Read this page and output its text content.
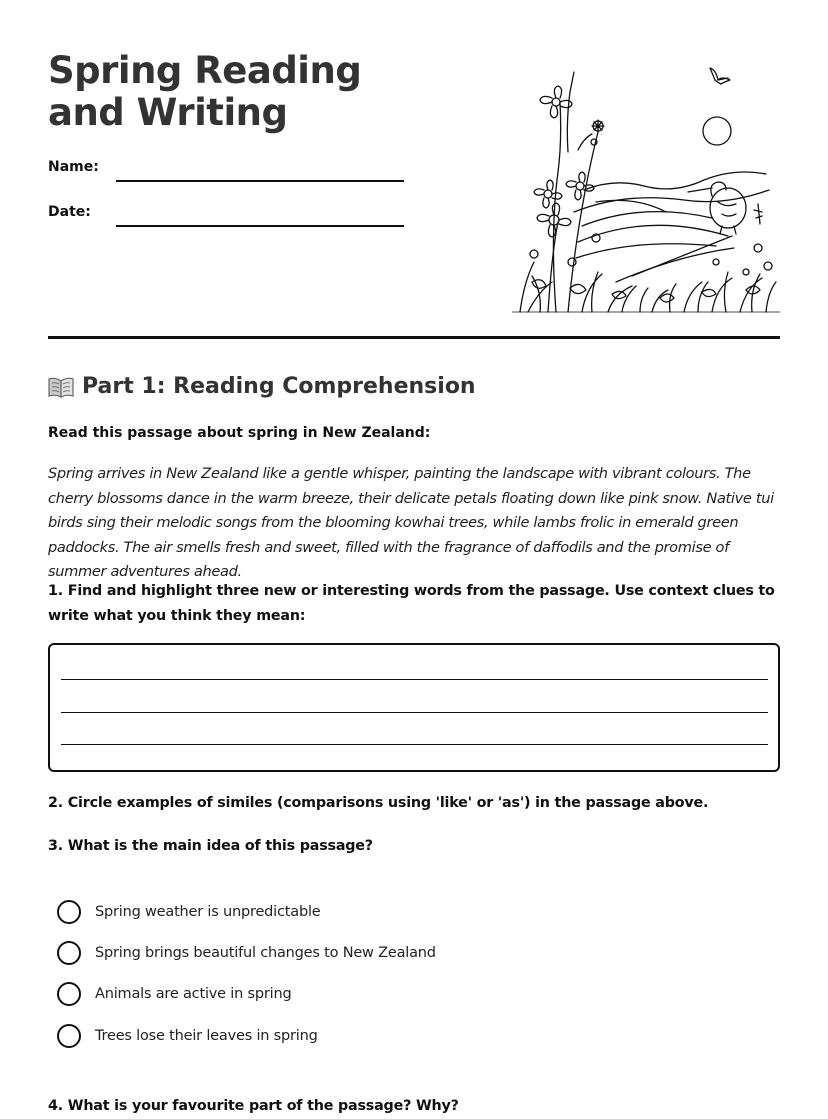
Spring Reading and Writing
Name:
Date:
Part 1: Reading Comprehension
Read this passage about spring in New Zealand:

Spring arrives in New Zealand like a gentle whisper, painting the landscape with vibrant colours. The cherry blossoms dance in the warm breeze, their delicate petals floating down like pink snow. Native tui birds sing their melodic songs from the blooming kowhai trees, while lambs frolic in emerald green paddocks. The air smells fresh and sweet, filled with the fragrance of daffodils and the promise of summer adventures ahead.

1. Find and highlight three new or interesting words from the passage. Use context clues to write what you think they mean:
2. Circle examples of similes (comparisons using 'like' or 'as') in the passage above.
3. What is the main idea of this passage?
Spring weather is unpredictable
Spring brings beautiful changes to New Zealand
Animals are active in spring
Trees lose their leaves in spring
4. What is your favourite part of the passage? Why?
